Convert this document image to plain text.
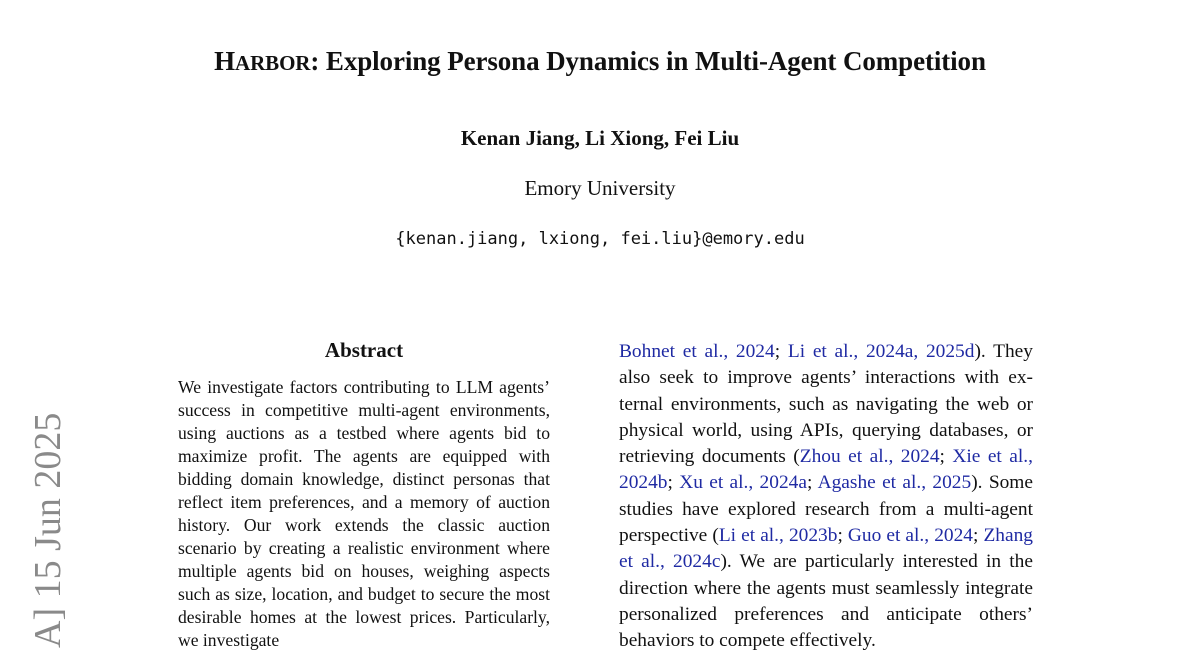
HARBOR: Exploring Persona Dynamics in Multi-Agent Competition
Kenan Jiang, Li Xiong, Fei Liu
Emory University
{kenan.jiang, lxiong, fei.liu}@emory.edu
A] 15 Jun 2025
Abstract
We investigate factors contributing to LLM agents’ success in competitive multi-agent environments, using auctions as a testbed where agents bid to maximize profit. The agents are equipped with bidding domain knowledge, distinct personas that reflect item preferences, and a memory of auction history. Our work extends the classic auction scenario by creating a realistic environment where multiple agents bid on houses, weighing aspects such as size, location, and budget to secure the most desirable homes at the lowest prices. Particularly, we investigate
Bohnet et al., 2024; Li et al., 2024a, 2025d). They also seek to improve agents’ interactions with external environments, such as navigating the web or physical world, using APIs, querying databases, or retrieving documents (Zhou et al., 2024; Xie et al., 2024b; Xu et al., 2024a; Agashe et al., 2025). Some studies have explored research from a multi-agent perspective (Li et al., 2023b; Guo et al., 2024; Zhang et al., 2024c). We are particularly interested in the direction where the agents must seamlessly integrate personalized preferences and anticipate others’ behaviors to compete effectively.
